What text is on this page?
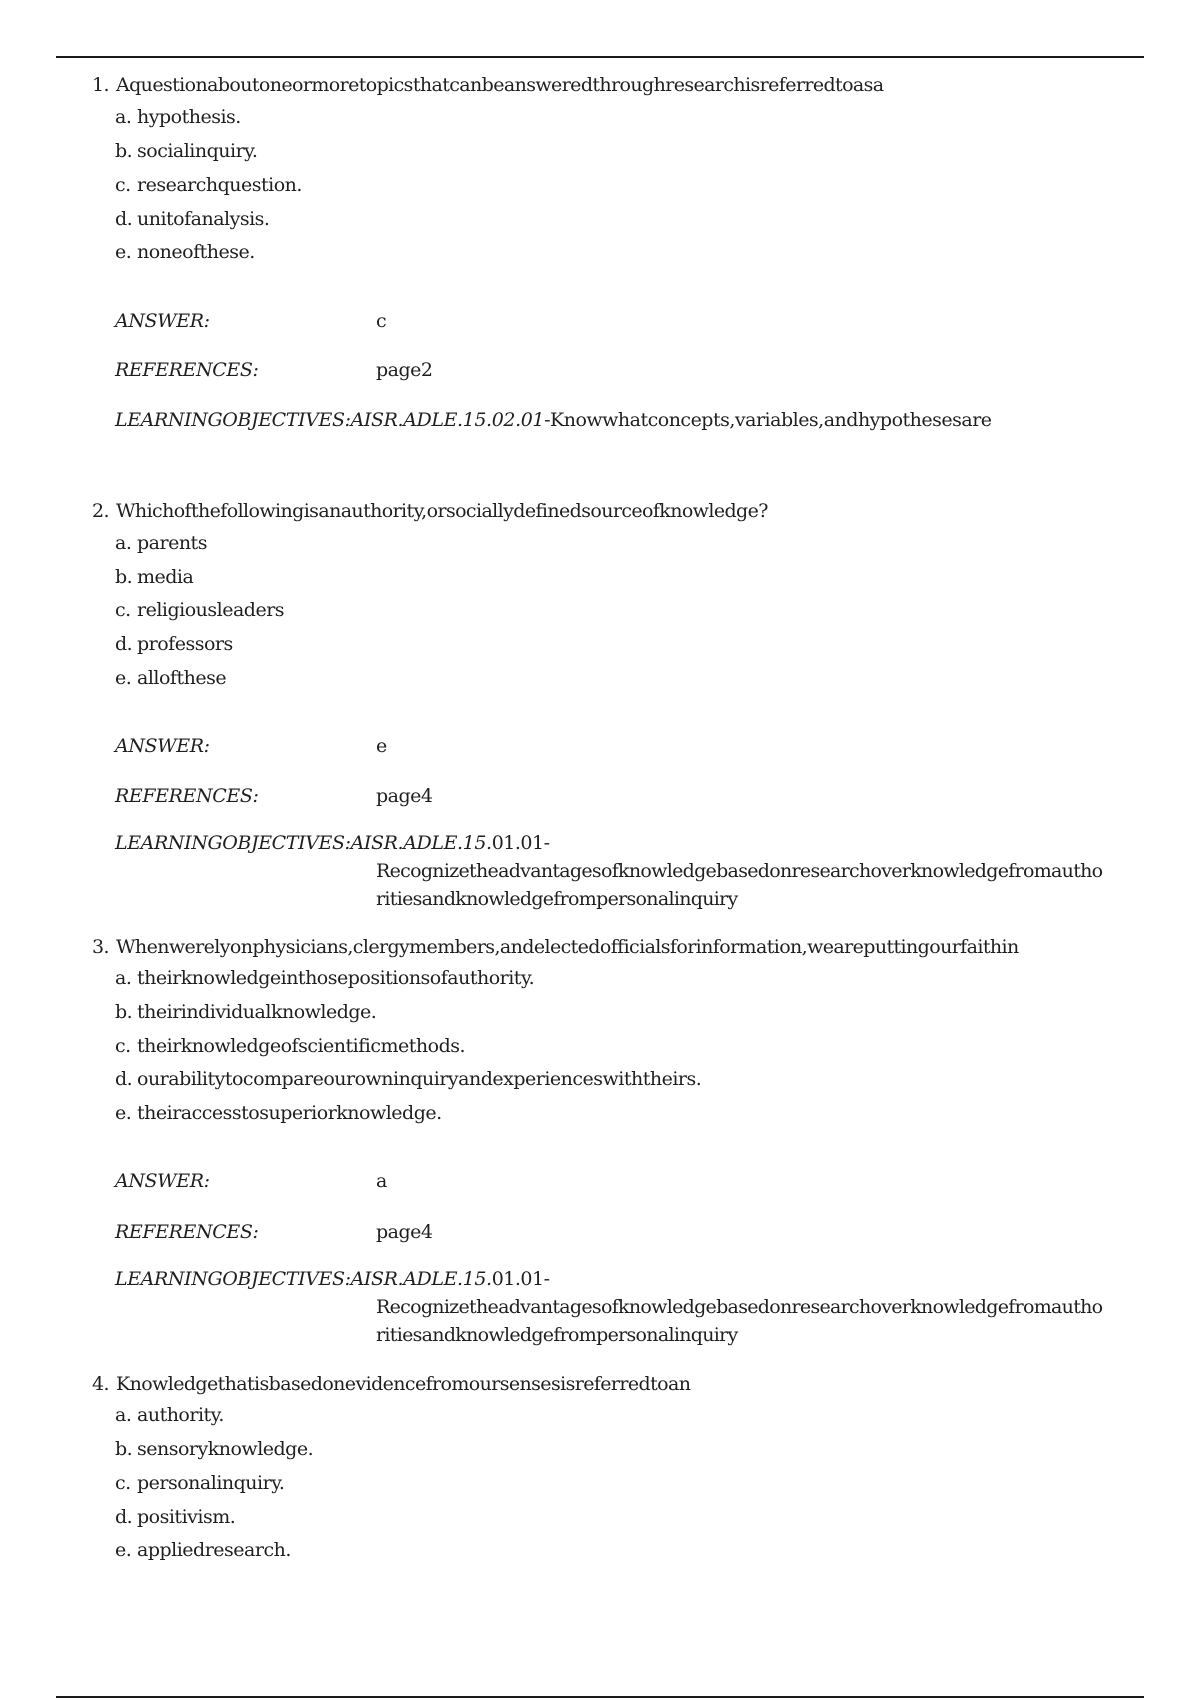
1. Aquestionaboutoneormoretopicsthatcanbeansweredthroughresearchisreferredtoasa
a. hypothesis.
b. socialinquiry.
c. researchquestion.
d. unitofanalysis.
e. noneofthese.
ANSWER:	c
REFERENCES:	page2
LEARNINGOBJECTIVES:AISR.ADLE.15.02.01-Knowwhatconcepts,variables,andhypothesesare
2. Whichofthefollowingisanauthority,orsociallydefinedsourceofknowledge?
a. parents
b. media
c. religiousleaders
d. professors
e. allofthese
ANSWER:	e
REFERENCES:	page4
LEARNINGOBJECTIVES:AISR.ADLE.15.01.01-
Recognizetheadvantagesofknowledgebasedonresearchoverknowledgefromautho
ritiesandknowledgefrompersonalinquiry
3. Whenwerelyonphysicians,clergymembers,andelectedofficialsforinformation,weareputtingourfaithin
a. theirknowledgeinthosepositionsofauthority.
b. theirindividualknowledge.
c. theirknowledgeofscientificmethods.
d. ourabilitytocompareourowninquiryandexperienceswiththeirs.
e. theiraccesstosuperiorknowledge.
ANSWER:	a
REFERENCES:	page4
LEARNINGOBJECTIVES:AISR.ADLE.15.01.01-
Recognizetheadvantagesofknowledgebasedonresearchoverknowledgefromautho
ritiesandknowledgefrompersonalinquiry
4. Knowledgethatisbasedonevidencefromoursensesisreferredtoan
a. authority.
b. sensoryknowledge.
c. personalinquiry.
d. positivism.
e. appliedresearch.
